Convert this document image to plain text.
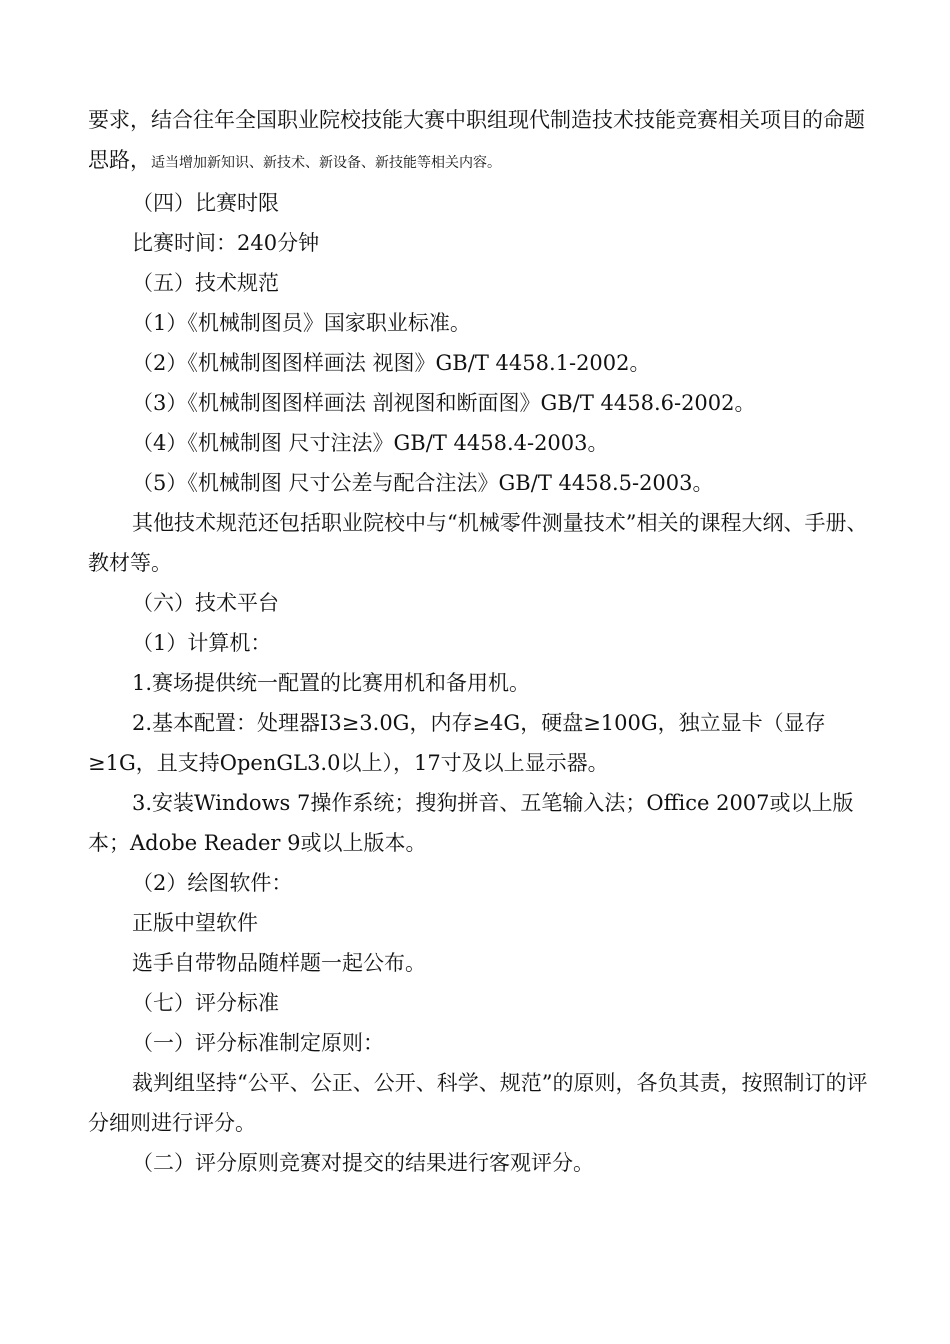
要求，结合往年全国职业院校技能大赛中职组现代制造技术技能竞赛相关项目的命题思路，适当增加新知识、新技术、新设备、新技能等相关内容。

（四）比赛时限

比赛时间：240分钟

（五）技术规范

（1）《机械制图员》国家职业标准。

（2）《机械制图图样画法 视图》GB/T 4458.1-2002。

（3）《机械制图图样画法 剖视图和断面图》GB/T 4458.6-2002。

（4）《机械制图 尺寸注法》GB/T 4458.4-2003。

（5）《机械制图 尺寸公差与配合注法》GB/T 4458.5-2003。

其他技术规范还包括职业院校中与“机械零件测量技术”相关的课程大纲、手册、教材等。

（六）技术平台

（1）计算机：

1.赛场提供统一配置的比赛用机和备用机。

2.基本配置：处理器I3≥3.0G，内存≥4G，硬盘≥100G，独立显卡（显存≥1G，且支持OpenGL3.0以上），17寸及以上显示器。

3.安装Windows 7操作系统；搜狗拼音、五笔输入法；Office 2007或以上版本；Adobe Reader 9或以上版本。

（2）绘图软件：

正版中望软件

选手自带物品随样题一起公布。

（七）评分标准

（一）评分标准制定原则：

裁判组坚持“公平、公正、公开、科学、规范”的原则，各负其责，按照制订的评分细则进行评分。

（二）评分原则竞赛对提交的结果进行客观评分。
